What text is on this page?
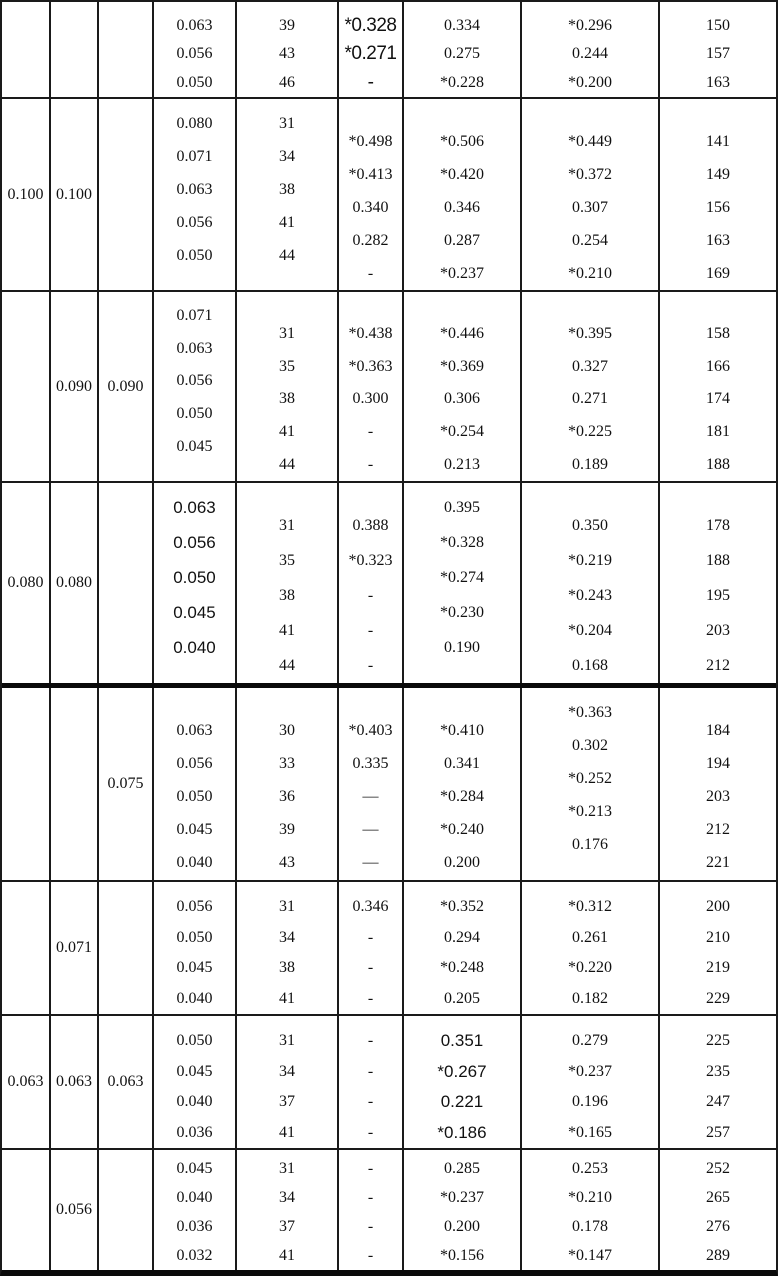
0.063
0.056
0.050
39
43
46
*0.328
*0.271
-
0.334
0.275
*0.228
*0.296
0.244
*0.200
150
157
163
0.100 0.100
0.080
0.071
0.063
0.056
0.050
31
34
38
41
44
*0.498
*0.413
0.340
0.282
-
*0.506
*0.420
0.346
0.287
*0.237
*0.449
*0.372
0.307
0.254
*0.210
141
149
156
163
169
0.090 0.090
0.071
0.063
0.056
0.050
0.045
31
35
38
41
44
*0.438
*0.363
0.300
-
-
*0.446
*0.369
0.306
*0.254
0.213
*0.395
0.327
0.271
*0.225
0.189
158
166
174
181
188
0.080 0.080
0.063
0.056
0.050
0.045
0.040
31
35
38
41
44
0.388
*0.323
-
-
-
0.395
*0.328
*0.274
*0.230
0.190
0.350
*0.219
*0.243
*0.204
0.168
178
188
195
203
212
0.075
0.063
0.056
0.050
0.045
0.040
30
33
36
39
43
*0.403
0.335
—
—
—
*0.410
0.341
*0.284
*0.240
0.200
*0.363
0.302
*0.252
*0.213
0.176
184
194
203
212
221
0.071
0.056
0.050
0.045
0.040
31
34
38
41
0.346
-
-
-
*0.352
0.294
*0.248
0.205
*0.312
0.261
*0.220
0.182
200
210
219
229
0.063 0.063 0.063
0.050
0.045
0.040
0.036
31
34
37
41
-
-
-
-
0.351
*0.267
0.221
*0.186
0.279
*0.237
0.196
*0.165
225
235
247
257
0.056
0.045
0.040
0.036
0.032
31
34
37
41
-
-
-
-
0.285
*0.237
0.200
*0.156
0.253
*0.210
0.178
*0.147
252
265
276
289
